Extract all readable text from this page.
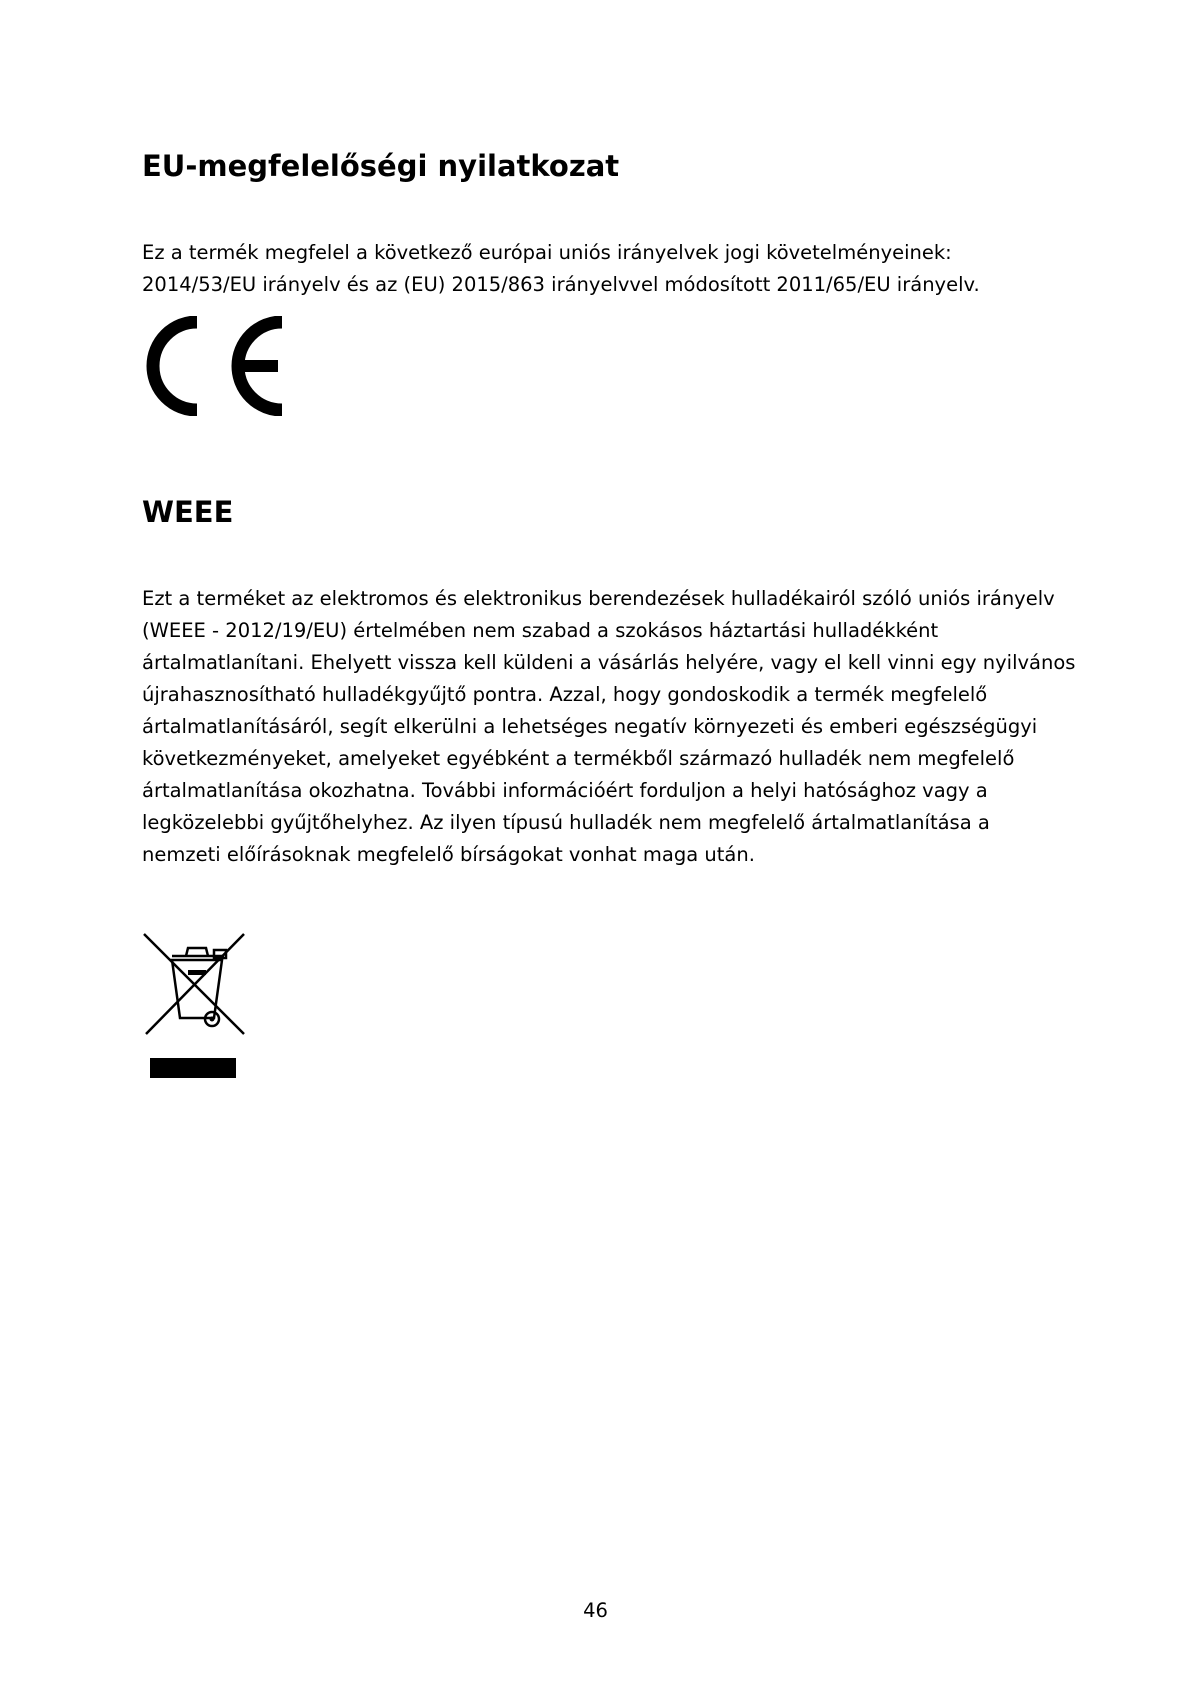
EU-megfelelőségi nyilatkozat

Ez a termék megfelel a következő európai uniós irányelvek jogi követelményeinek:
2014/53/EU irányelv és az (EU) 2015/863 irányelvvel módosított 2011/65/EU irányelv.

WEEE

Ezt a terméket az elektromos és elektronikus berendezések hulladékairól szóló uniós irányelv
(WEEE - 2012/19/EU) értelmében nem szabad a szokásos háztartási hulladékként
ártalmatlanítani. Ehelyett vissza kell küldeni a vásárlás helyére, vagy el kell vinni egy nyilvános
újrahasznosítható hulladékgyűjtő pontra. Azzal, hogy gondoskodik a termék megfelelő
ártalmatlanításáról, segít elkerülni a lehetséges negatív környezeti és emberi egészségügyi
következményeket, amelyeket egyébként a termékből származó hulladék nem megfelelő
ártalmatlanítása okozhatna. További információért forduljon a helyi hatósághoz vagy a
legközelebbi gyűjtőhelyhez. Az ilyen típusú hulladék nem megfelelő ártalmatlanítása a
nemzeti előírásoknak megfelelő bírságokat vonhat maga után.

46
